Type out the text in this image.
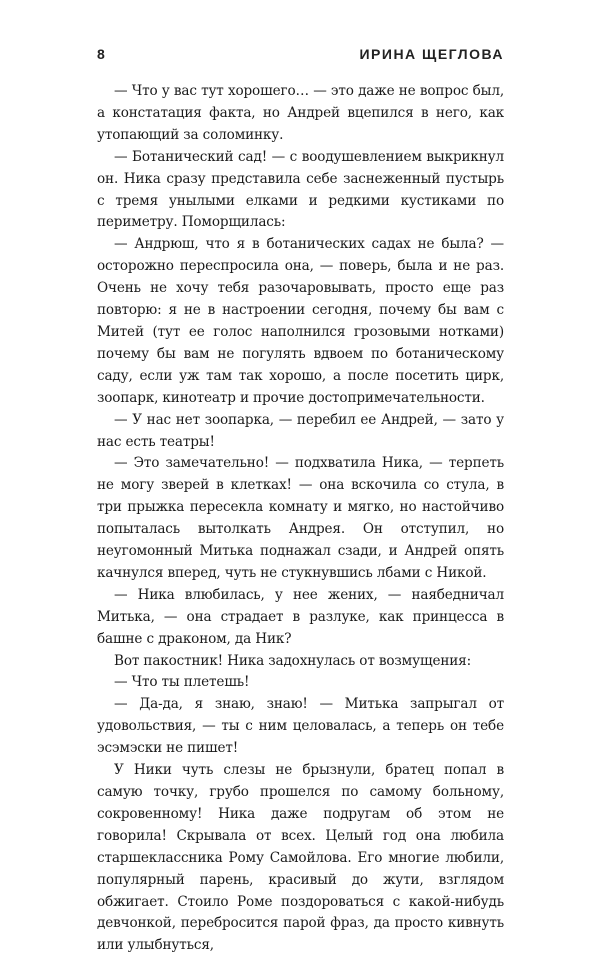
8	ИРИНА ЩЕГЛОВА

— Что у вас тут хорошего… — это даже не вопрос был, а констатация факта, но Андрей вцепился в него, как утопающий за соломинку.

— Ботанический сад! — с воодушевлением выкрикнул он. Ника сразу представила себе заснеженный пустырь с тремя унылыми елками и редкими кустиками по периметру. Поморщилась:

— Андрюш, что я в ботанических садах не была? — осторожно переспросила она, — поверь, была и не раз. Очень не хочу тебя разочаровывать, просто еще раз повторю: я не в настроении сегодня, почему бы вам с Митей (тут ее голос наполнился грозовыми нотками) почему бы вам не погулять вдвоем по ботаническому саду, если уж там так хорошо, а после посетить цирк, зоопарк, кинотеатр и прочие достопримечательности.

— У нас нет зоопарка, — перебил ее Андрей, — зато у нас есть театры!

— Это замечательно! — подхватила Ника, — терпеть не могу зверей в клетках! — она вскочила со стула, в три прыжка пересекла комнату и мягко, но настойчиво попыталась вытолкать Андрея. Он отступил, но неугомонный Митька поднажал сзади, и Андрей опять качнулся вперед, чуть не стукнувшись лбами с Никой.

— Ника влюбилась, у нее жених, — наябедничал Митька, — она страдает в разлуке, как принцесса в башне с драконом, да Ник?

Вот пакостник! Ника задохнулась от возмущения:

— Что ты плетешь!

— Да-да, я знаю, знаю! — Митька запрыгал от удовольствия, — ты с ним целовалась, а теперь он тебе эсэмэски не пишет!

У Ники чуть слезы не брызнули, братец попал в самую точку, грубо прошелся по самому больному, сокровенному! Ника даже подругам об этом не говорила! Скрывала от всех. Целый год она любила старшеклассника Рому Самойлова. Его многие любили, популярный парень, красивый до жути, взглядом обжигает. Стоило Роме поздороваться с какой-нибудь девчонкой, перебросится парой фраз, да просто кивнуть или улыбнуться,
